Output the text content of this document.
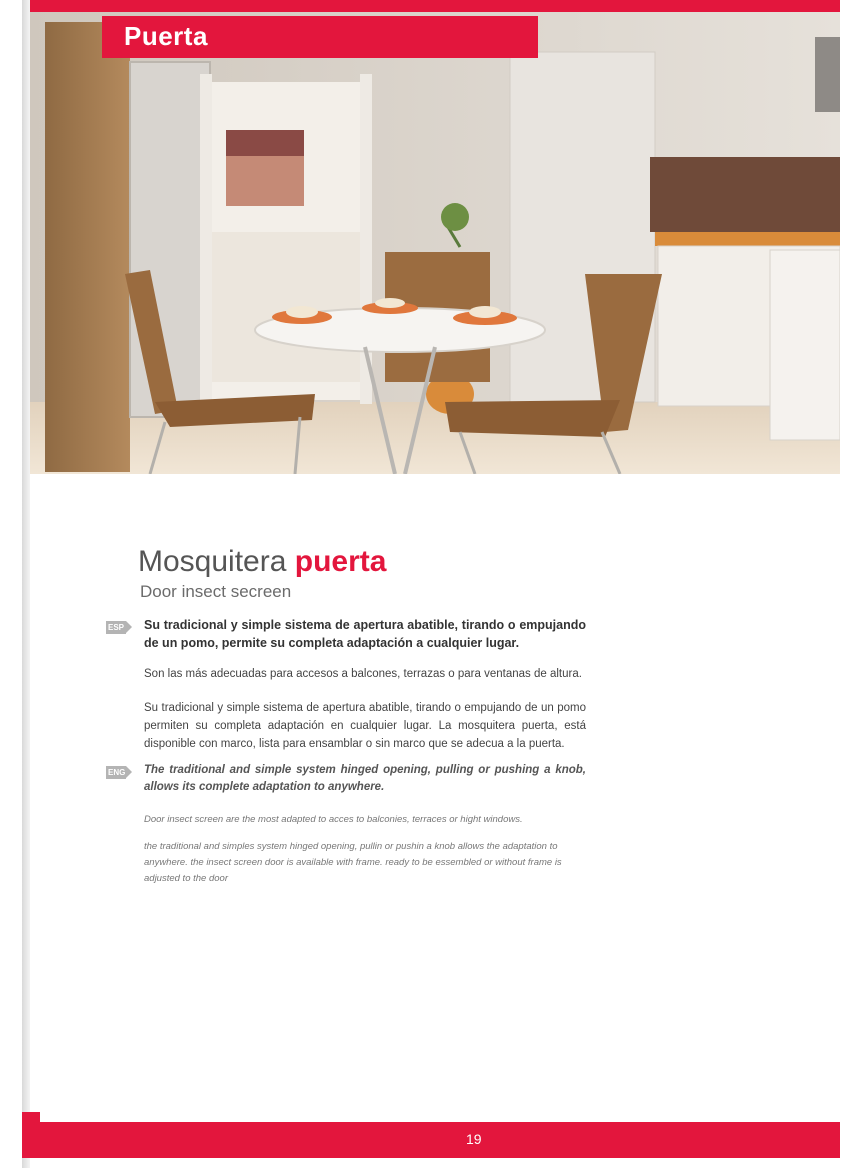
Puerta
Mosquitera puerta
Door insect secreen
ESP Su tradicional y simple sistema de apertura abatible, tirando o empujando de un pomo, permite su completa adaptación a cualquier lugar.
Son las más adecuadas para accesos a balcones, terrazas o para ventanas de altura.
Su tradicional y simple sistema de apertura abatible, tirando o empujando de un pomo permiten su completa adaptación en cualquier lugar. La mosquitera puerta, está disponible con marco, lista para ensamblar o sin marco que se adecua a la puerta.
ENG The traditional and simple system hinged opening, pulling or pushing a knob, allows its complete adaptation to anywhere.
Door insect screen are the most adapted to acces to balconies, terraces or hight windows.
the traditional and simples system hinged opening, pullin or pushin a knob allows the adaptation to anywhere. the insect screen door is available with frame. ready to be essembled or without frame is adjusted to the door
19
